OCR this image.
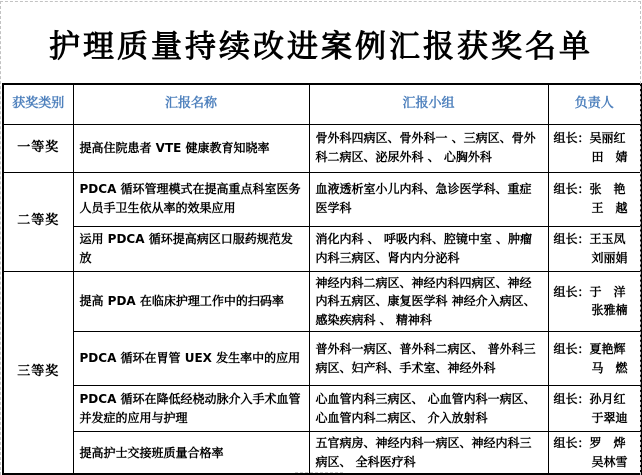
护理质量持续改进案例汇报获奖名单
获奖类别	汇报名称	汇报小组	负责人
一等奖	提高住院患者 VTE 健康教育知晓率	骨外科四病区、骨外科一 、三病区、骨外科二病区、泌尿外科 、 心胸外科	组长：吴丽红
田　婧

二等奖	PDCA 循环管理模式在提高重点科室医务人员手卫生依从率的效果应用	血液透析室小儿内科、急诊医学科、重症医学科	组长：张　艳
王　越

	运用 PDCA 循环提高病区口服药规范发放	消化内科 、 呼吸内科、腔镜中室 、肿瘤内科三病区、肾内内分泌科	组长：王玉凤
刘丽娟

三等奖	提高 PDA 在临床护理工作中的扫码率	神经内科二病区、神经内科四病区、神经内科五病区、康复医学科 神经介入病区、 感染疾病科 、 精神科	组长：于　洋
张雅楠

	PDCA 循环在胃管 UEX 发生率中的应用	普外科一病区、普外科二病区、 普外科三病区、妇产科、手术室、神经外科	组长：夏艳辉
马　燃

	PDCA 循环在降低经桡动脉介入手术血管并发症的应用与护理	心血管内科三病区、 心血管内科一病区、心血管内科二病区、 介入放射科	组长：孙月红
于翠迪

	提高护士交接班质量合格率	五官病房、神经内科一病区、神经内科三病区、 全科医疗科	组长：罗　烨
吴林雪
